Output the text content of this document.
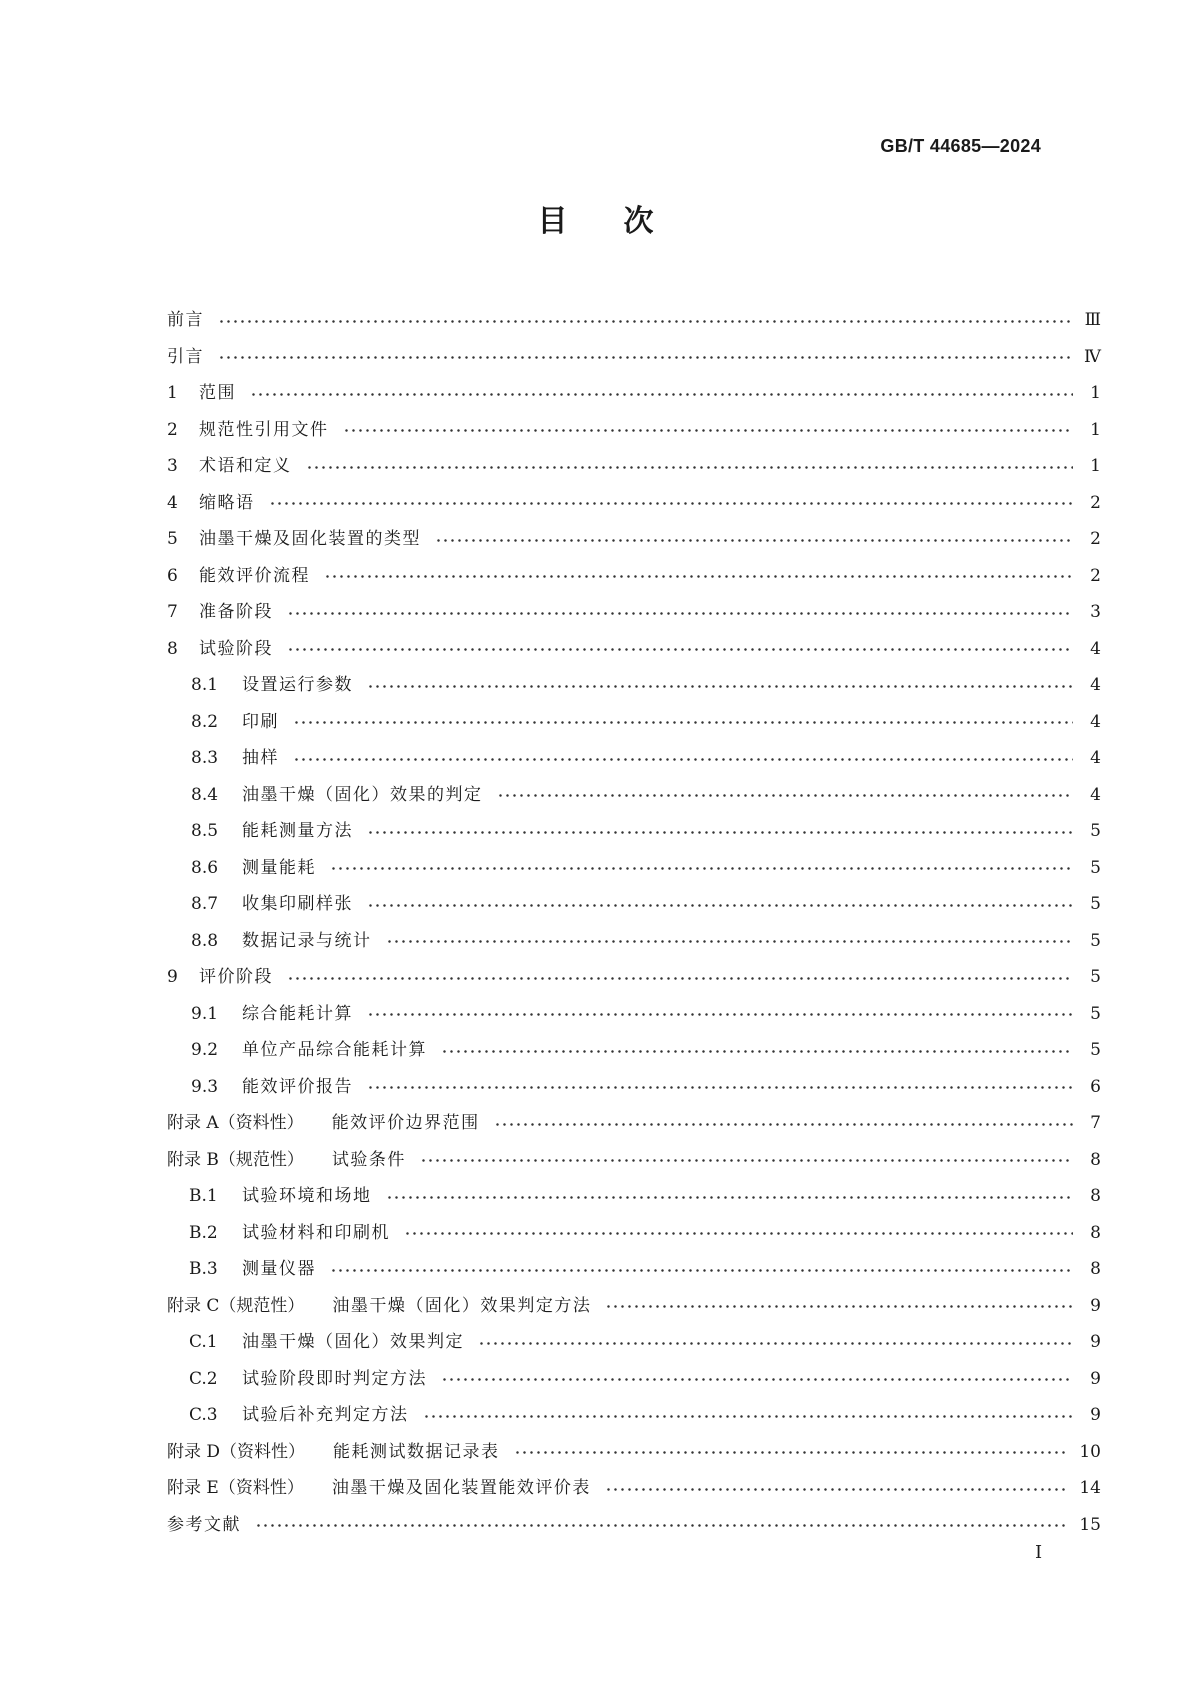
GB/T 44685—2024
目次
前言	Ⅲ
引言	Ⅳ
1	范围	1
2	规范性引用文件	1
3	术语和定义	1
4	缩略语	2
5	油墨干燥及固化装置的类型	2
6	能效评价流程	2
7	准备阶段	3
8	试验阶段	4
8.1	设置运行参数	4
8.2	印刷	4
8.3	抽样	4
8.4	油墨干燥（固化）效果的判定	4
8.5	能耗测量方法	5
8.6	测量能耗	5
8.7	收集印刷样张	5
8.8	数据记录与统计	5
9	评价阶段	5
9.1	综合能耗计算	5
9.2	单位产品综合能耗计算	5
9.3	能效评价报告	6
附录 A（资料性） 能效评价边界范围	7
附录 B（规范性） 试验条件	8
B.1	试验环境和场地	8
B.2	试验材料和印刷机	8
B.3	测量仪器	8
附录 C（规范性） 油墨干燥（固化）效果判定方法	9
C.1	油墨干燥（固化）效果判定	9
C.2	试验阶段即时判定方法	9
C.3	试验后补充判定方法	9
附录 D（资料性） 能耗测试数据记录表	10
附录 E（资料性） 油墨干燥及固化装置能效评价表	14
参考文献	15
I
